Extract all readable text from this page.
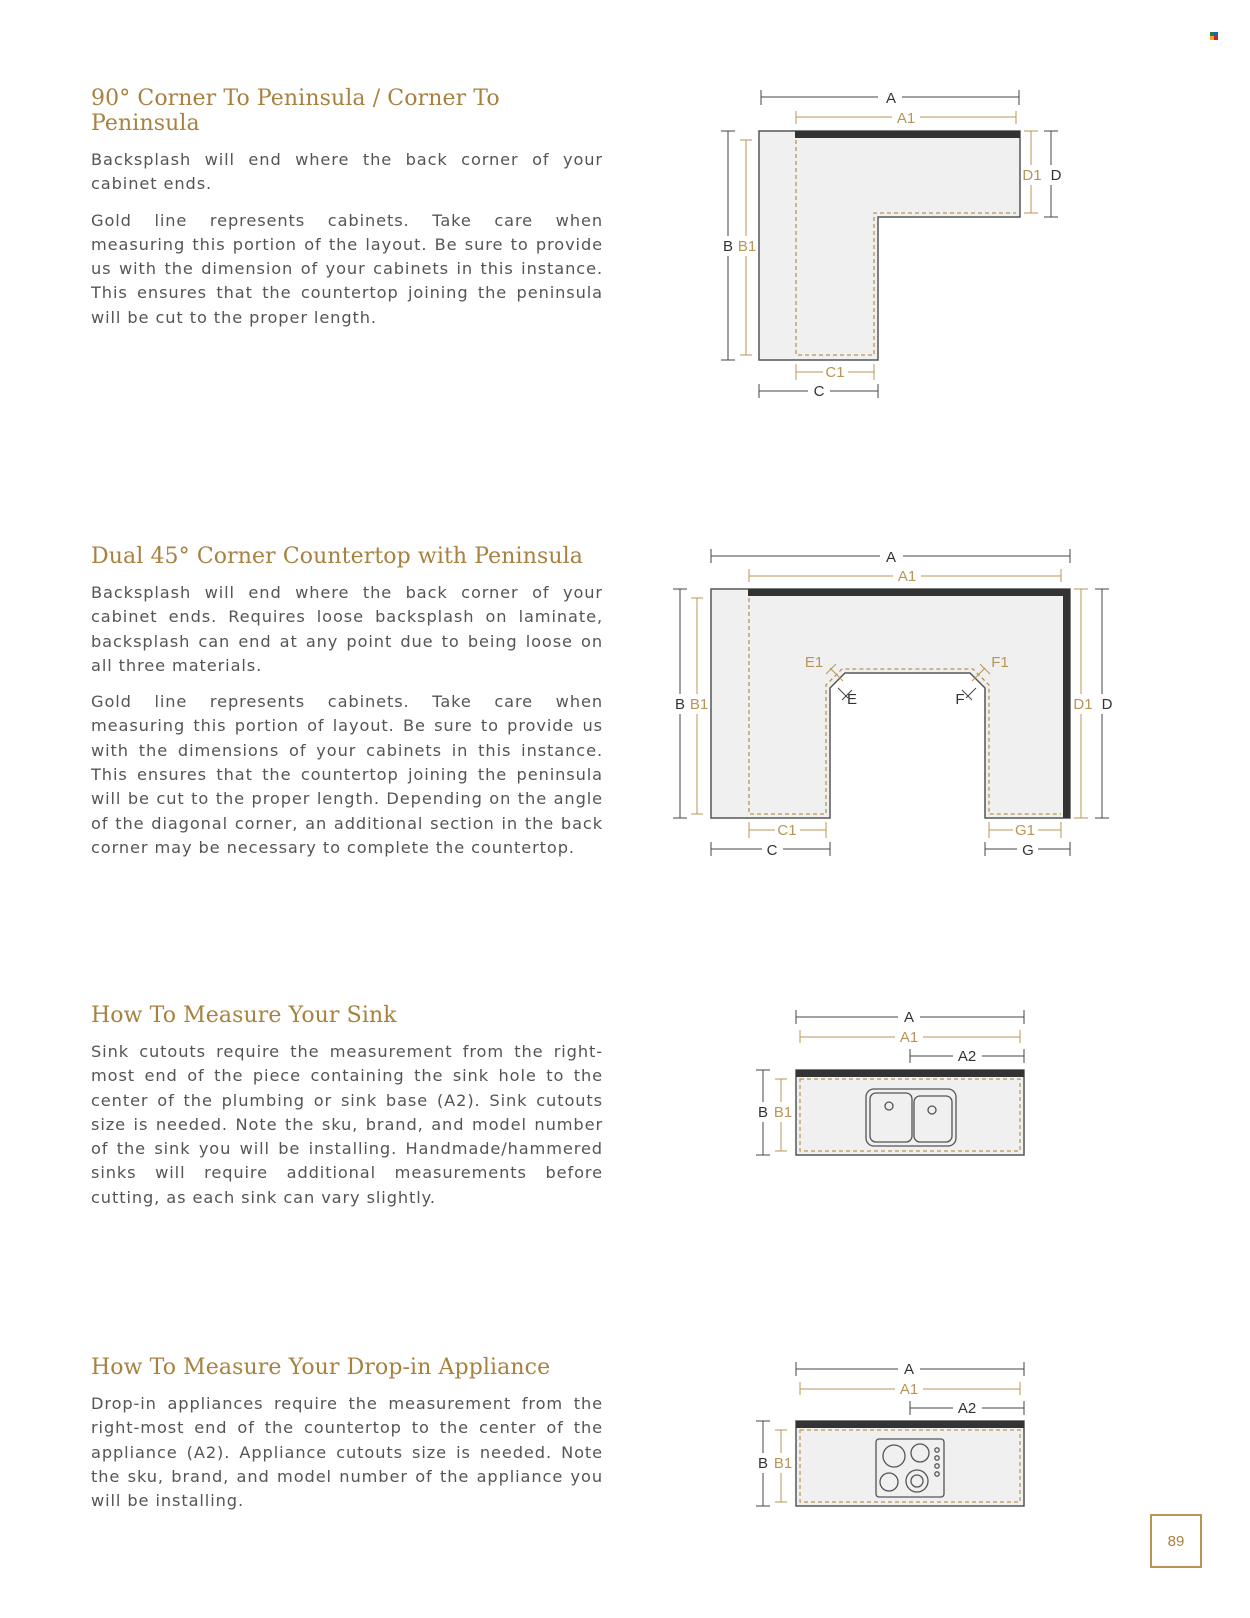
90° Corner To Peninsula / Corner To Peninsula

Backsplash will end where the back corner of your cabinet ends.

Gold line represents cabinets. Take care when measuring this portion of the layout. Be sure to provide us with the dimension of your cabinets in this instance. This ensures that the countertop joining the peninsula will be cut to the proper length.

A
A1
B B1
C1
C
D1 D
Dual 45° Corner Countertop with Peninsula

Backsplash will end where the back corner of your cabinet ends. Requires loose backsplash on laminate, backsplash can end at any point due to being loose on all three materials.

Gold line represents cabinets. Take care when measuring this portion of layout. Be sure to provide us with the dimensions of your cabinets in this instance. This ensures that the countertop joining the peninsula will be cut to the proper length. Depending on the angle of the diagonal corner, an additional section in the back corner may be necessary to complete the countertop.

A
A1
B B1
E1
E
F1
F
C1
C
G1
G
D1 D
How To Measure Your Sink

Sink cutouts require the measurement from the right-most end of the piece containing the sink hole to the center of the plumbing or sink base (A2). Sink cutouts size is needed. Note the sku, brand, and model number of the sink you will be installing. Handmade/hammered sinks will require additional measurements before cutting, as each sink can vary slightly.

A
A1
A2
B B1
How To Measure Your Drop-in Appliance

Drop-in appliances require the measurement from the right-most end of the countertop to the center of the appliance (A2). Appliance cutouts size is needed. Note the sku, brand, and model number of the appliance you will be installing.

A
A1
A2
B B1
89
